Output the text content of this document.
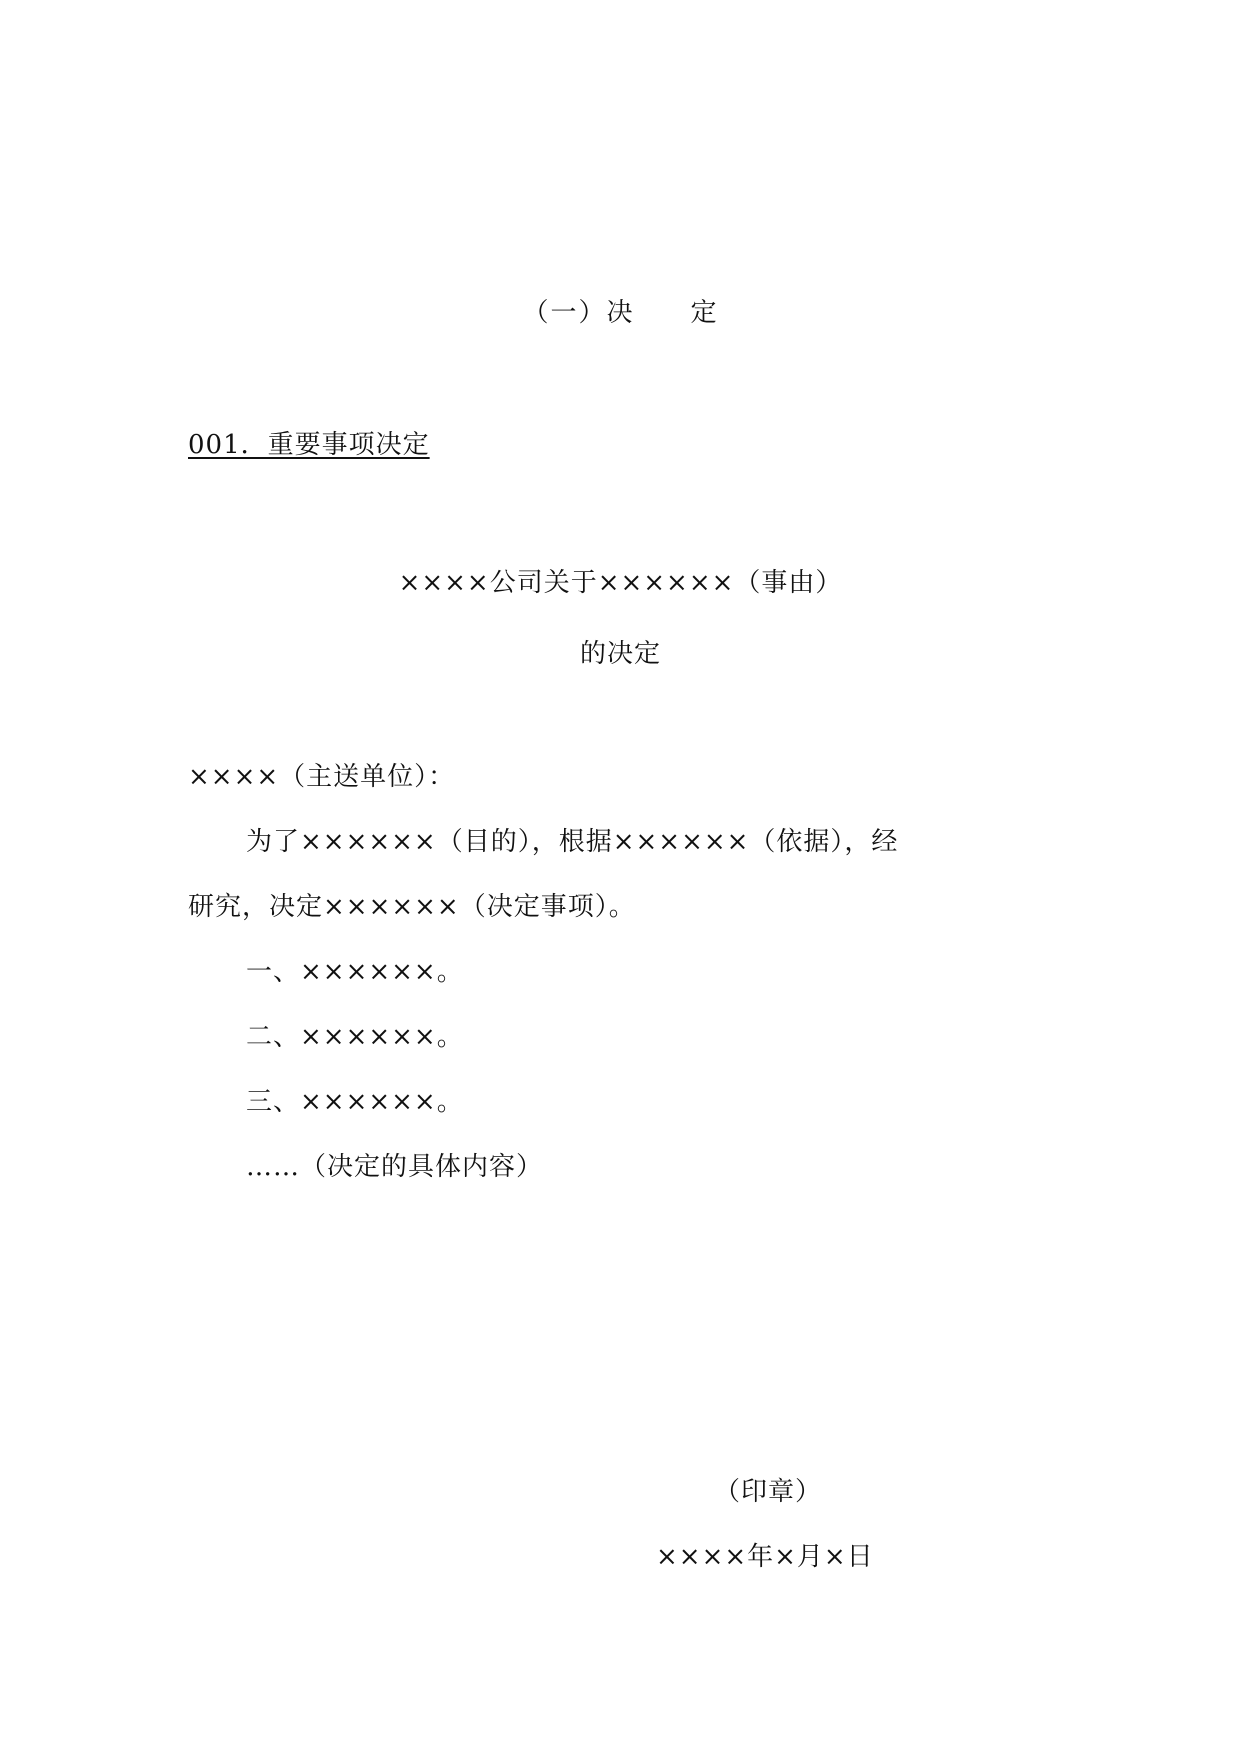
（一）决　　定
001．重要事项决定
××××公司关于××××××（事由）
的决定
××××（主送单位）：
为了××××××（目的），根据××××××（依据），经
研究，决定××××××（决定事项）。
一、××××××。
二、××××××。
三、××××××。
……（决定的具体内容）
（印章）
××××年×月×日
